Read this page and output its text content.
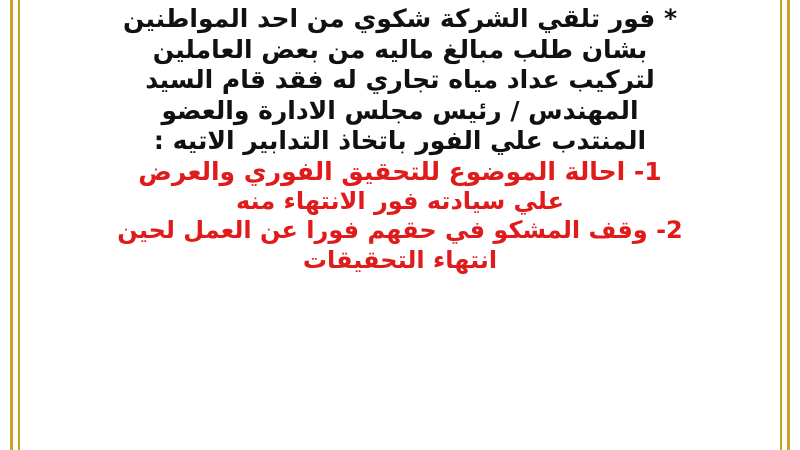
* فور تلقي الشركة شكوي من احد المواطنين
بشان طلب مبالغ ماليه من بعض العاملين
لتركيب عداد مياه تجاري له فقد قام السيد
المهندس / رئيس مجلس الادارة والعضو
المنتدب علي الفور باتخاذ التدابير الاتيه :
1- احالة الموضوع للتحقيق الفوري والعرض
علي سيادته فور الانتهاء منه
2- وقف المشكو في حقهم فورا عن العمل لحين
انتهاء التحقيقات
